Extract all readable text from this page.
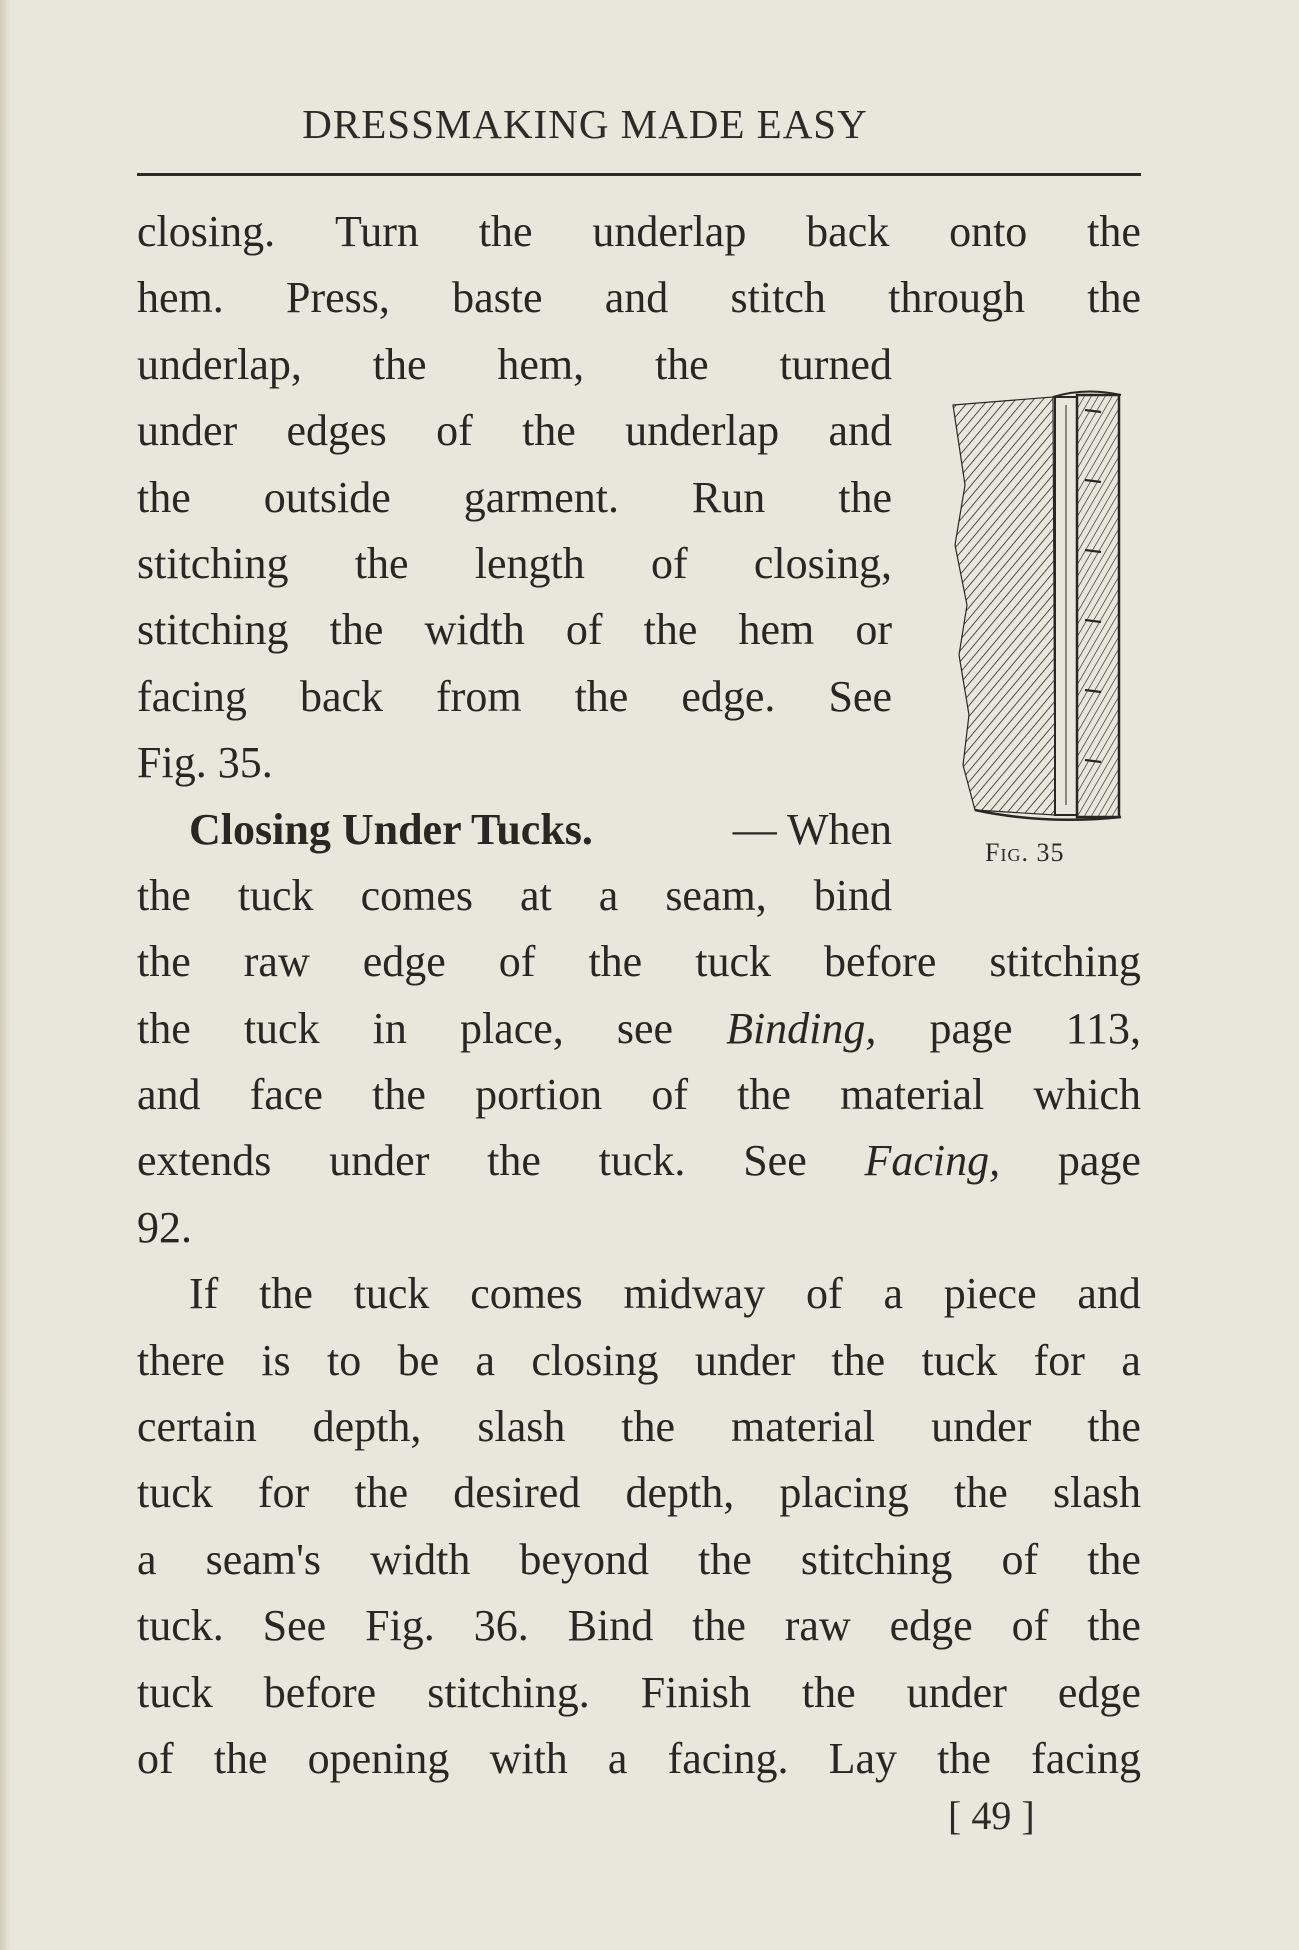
DRESSMAKING MADE EASY
closing. Turn the underlap back onto the
hem. Press, baste and stitch through the
underlap, the hem, the turned
under edges of the underlap and
the outside garment. Run the
stitching the length of closing,
stitching the width of the hem or
facing back from the edge. See
Fig. 35.
Closing Under Tucks.	— When
the tuck comes at a seam, bind
the raw edge of the tuck before stitching
the tuck in place, see Binding, page 113,
and face the portion of the material which
extends under the tuck. See Facing, page
92.
If the tuck comes midway of a piece and
there is to be a closing under the tuck for a
certain depth, slash the material under the
tuck for the desired depth, placing the slash
a seam's width beyond the stitching of the
tuck. See Fig. 36. Bind the raw edge of the
tuck before stitching. Finish the under edge
of the opening with a facing. Lay the facing
Fig. 35
[ 49 ]
